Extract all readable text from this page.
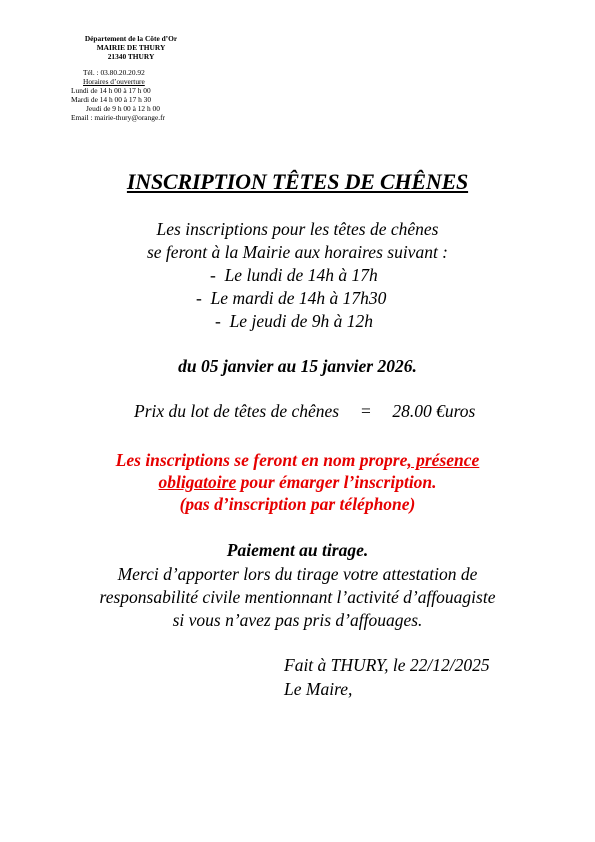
Département de la Côte d’Or
MAIRIE DE THURY
21340 THURY
Tél. : 03.80.20.20.92
Horaires d’ouverture
Lundi de 14 h 00 à 17 h 00
Mardi de 14 h 00 à 17 h 30
Jeudi de 9 h 00 à 12 h 00
Email : mairie-thury@orange.fr
INSCRIPTION TÊTES DE CHÊNES
Les inscriptions pour les têtes de chênes
se feront à la Mairie aux horaires suivant :
-  Le lundi de 14h à 17h
-  Le mardi de 14h à 17h30
-  Le jeudi de 9h à 12h
du 05 janvier au 15 janvier 2026.
Prix du lot de têtes de chênes = 28.00 €uros
Les inscriptions se feront en nom propre, présence
obligatoire pour émarger l’inscription.
(pas d’inscription par téléphone)
Paiement au tirage.
Merci d’apporter lors du tirage votre attestation de
responsabilité civile mentionnant l’activité d’affouagiste
si vous n’avez pas pris d’affouages.
Fait à THURY, le 22/12/2025
Le Maire,
